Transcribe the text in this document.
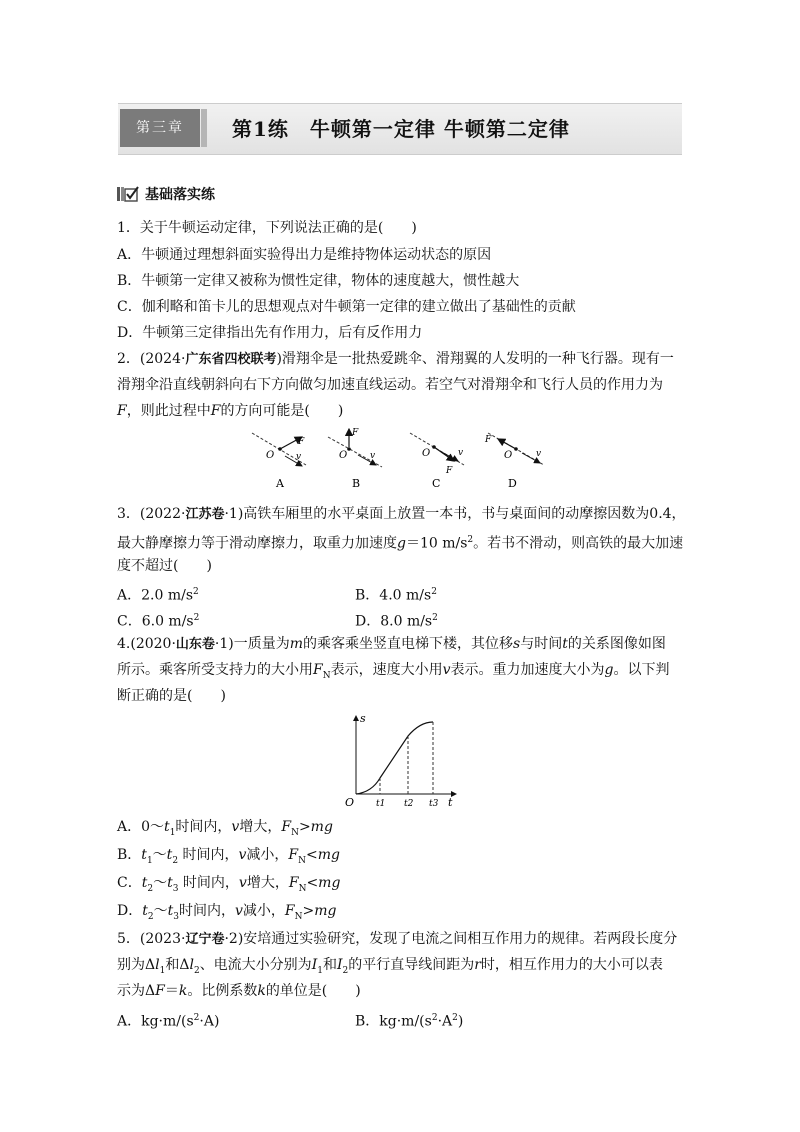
第三章	第1练　牛顿第一定律 牛顿第二定律
基础落实练
1．关于牛顿运动定律，下列说法正确的是(　　)
A．牛顿通过理想斜面实验得出力是维持物体运动状态的原因
B．牛顿第一定律又被称为惯性定律，物体的速度越大，惯性越大
C．伽利略和笛卡儿的思想观点对牛顿第一定律的建立做出了基础性的贡献
D．牛顿第三定律指出先有作用力，后有反作用力
2．(2024·广东省四校联考)滑翔伞是一批热爱跳伞、滑翔翼的人发明的一种飞行器。现有一
滑翔伞沿直线朝斜向右下方向做匀加速直线运动。若空气对滑翔伞和飞行人员的作用力为
F，则此过程中F的方向可能是(　　)
O
F
v
A
O
F
v
B
O
F
v
C
O
F
v
D
3．(2022·江苏卷·1)高铁车厢里的水平桌面上放置一本书，书与桌面间的动摩擦因数为0.4，
最大静摩擦力等于滑动摩擦力，取重力加速度g＝10 $m/s^2$。若书不滑动，则高铁的最大加速
度不超过(　　)
A．2.0 $m/s^2$	B．4.0 $m/s^2$
C．6.0 $m/s^2$	D．8.0 $m/s^2$
4.(2020·山东卷·1)一质量为m的乘客乘坐竖直电梯下楼，其位移s与时间t的关系图像如图
所示。乘客所受支持力的大小用$F_N$表示，速度大小用v表示。重力加速度大小为g。以下判
断正确的是(　　)
s
t
O t1 t2 t3
A．$0\sim t_1$时间内，v增大，$F_N>mg$
B．$t_1\sim t_2$ 时间内，v减小，$F_N<mg$
C．$t_2\sim t_3$ 时间内，v增大，$F_N<mg$
D．$t_2\sim t_3$时间内，v减小，$F_N>mg$
5．(2023·辽宁卷·2)安培通过实验研究，发现了电流之间相互作用力的规律。若两段长度分
别为$\Delta l_1$和$\Delta l_2$、电流大小分别为$I_1$和$I_2$的平行直导线间距为r时，相互作用力的大小可以表
示为ΔF＝k。比例系数k的单位是(　　)
A．$kg\cdot m/(s^2\cdot A)$	B．$kg\cdot m/(s^2\cdot A^2)$
